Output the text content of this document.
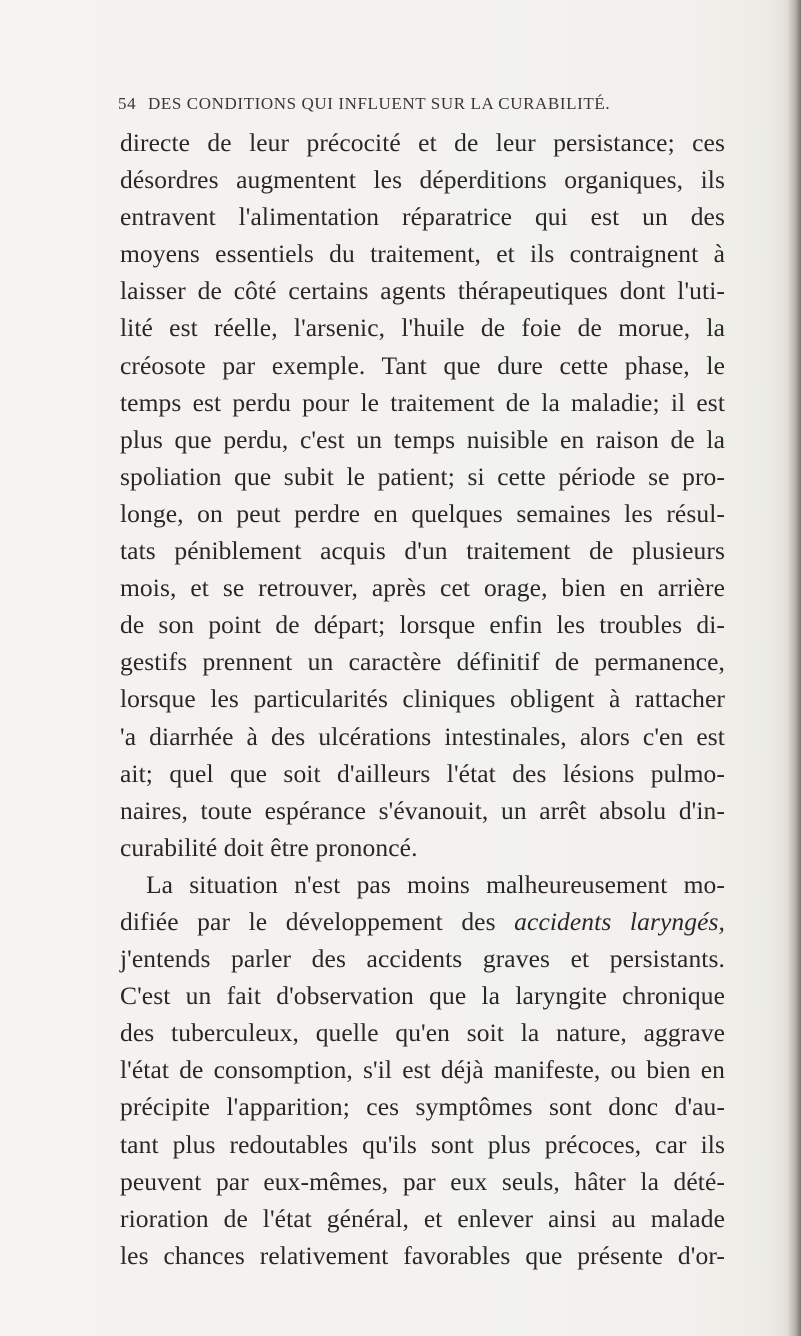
54 DES CONDITIONS QUI INFLUENT SUR LA CURABILITÉ.
directe de leur précocité et de leur persistance; ces
désordres augmentent les déperditions organiques, ils
entravent l'alimentation réparatrice qui est un des
moyens essentiels du traitement, et ils contraignent à
laisser de côté certains agents thérapeutiques dont l'uti-
lité est réelle, l'arsenic, l'huile de foie de morue, la
créosote par exemple. Tant que dure cette phase, le
temps est perdu pour le traitement de la maladie; il est
plus que perdu, c'est un temps nuisible en raison de la
spoliation que subit le patient; si cette période se pro-
longe, on peut perdre en quelques semaines les résul-
tats péniblement acquis d'un traitement de plusieurs
mois, et se retrouver, après cet orage, bien en arrière
de son point de départ; lorsque enfin les troubles di-
gestifs prennent un caractère définitif de permanence,
lorsque les particularités cliniques obligent à rattacher
'a diarrhée à des ulcérations intestinales, alors c'en est
ait; quel que soit d'ailleurs l'état des lésions pulmo-
naires, toute espérance s'évanouit, un arrêt absolu d'in-
curabilité doit être prononcé.
La situation n'est pas moins malheureusement mo-
difiée par le développement des accidents laryngés,
j'entends parler des accidents graves et persistants.
C'est un fait d'observation que la laryngite chronique
des tuberculeux, quelle qu'en soit la nature, aggrave
l'état de consomption, s'il est déjà manifeste, ou bien en
précipite l'apparition; ces symptômes sont donc d'au-
tant plus redoutables qu'ils sont plus précoces, car ils
peuvent par eux-mêmes, par eux seuls, hâter la dété-
rioration de l'état général, et enlever ainsi au malade
les chances relativement favorables que présente d'or-
